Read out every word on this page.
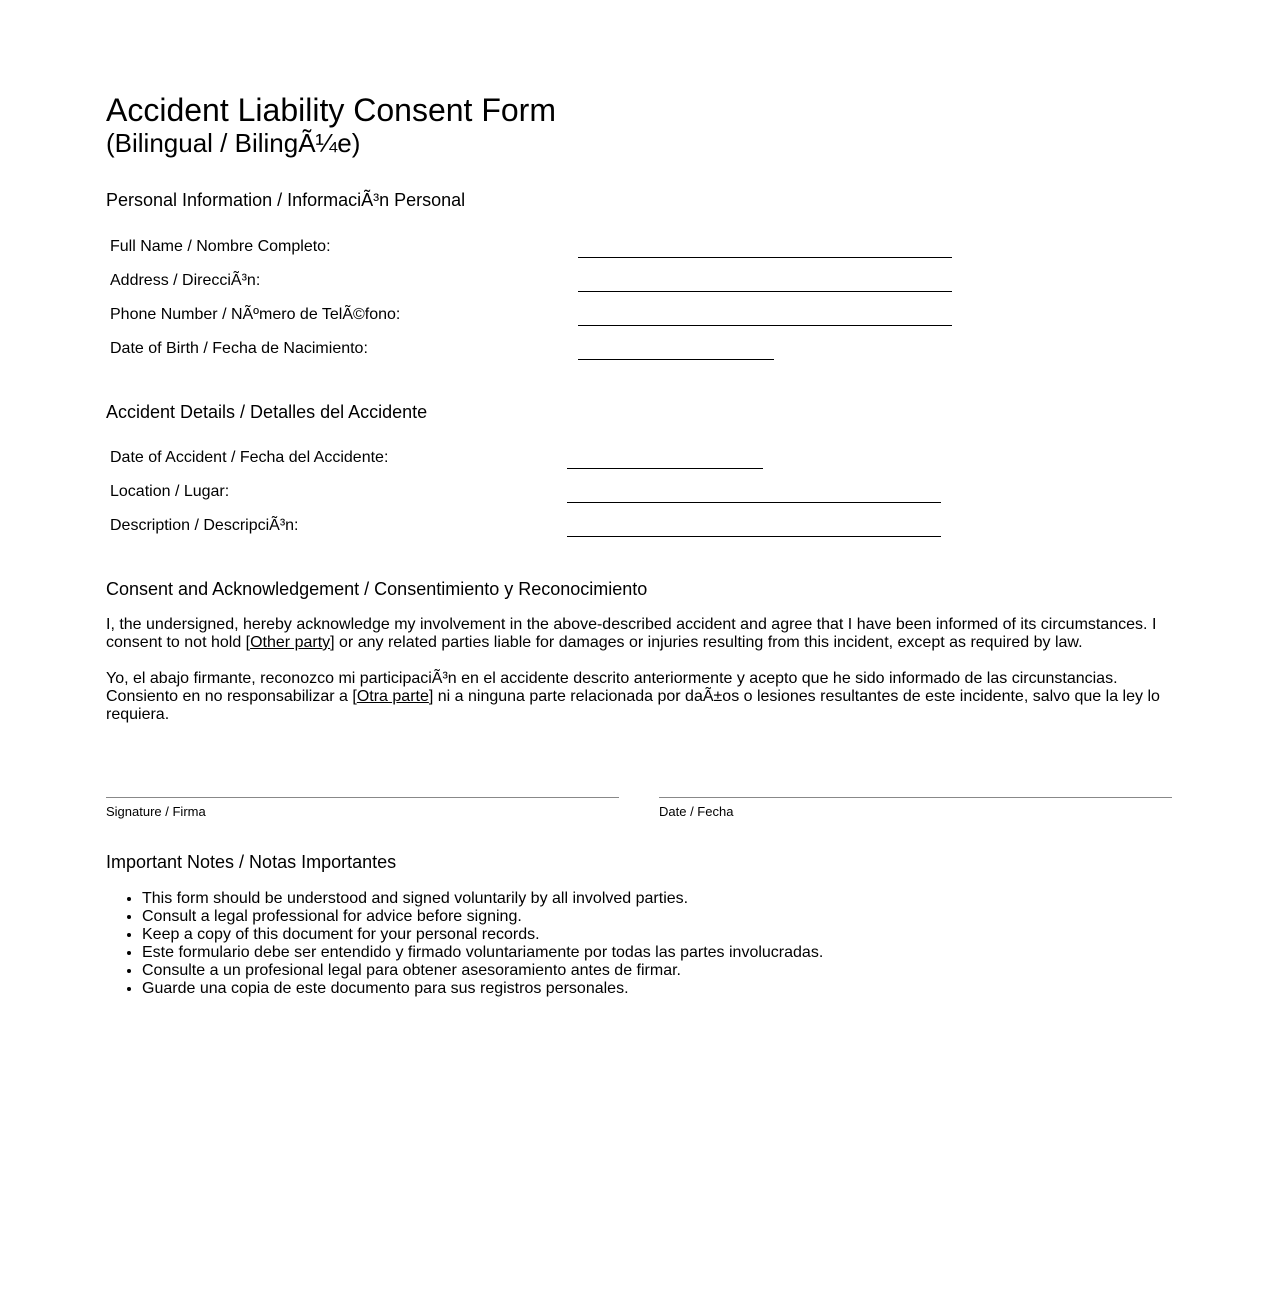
Accident Liability Consent Form
(Bilingual / BilingÃ¼e)
Personal Information / InformaciÃ³n Personal
Full Name / Nombre Completo:	

Address / DirecciÃ³n:	

Phone Number / NÃºmero de TelÃ©fono:	

Date of Birth / Fecha de Nacimiento:	
Accident Details / Detalles del Accidente
Date of Accident / Fecha del Accidente:	

Location / Lugar:	

Description / DescripciÃ³n:	
Consent and Acknowledgement / Consentimiento y Reconocimiento

I, the undersigned, hereby acknowledge my involvement in the above-described accident and agree that I have been informed of its circumstances. I consent to not hold [Other party] or any related parties liable for damages or injuries resulting from this incident, except as required by law.

Yo, el abajo firmante, reconozco mi participaciÃ³n en el accidente descrito anteriormente y acepto que he sido informado de las circunstancias. Consiento en no responsabilizar a [Otra parte] ni a ninguna parte relacionada por daÃ±os o lesiones resultantes de este incidente, salvo que la ley lo requiera.

Signature / Firma	Date / Fecha
Important Notes / Notas Importantes
• This form should be understood and signed voluntarily by all involved parties.
• Consult a legal professional for advice before signing.
• Keep a copy of this document for your personal records.
• Este formulario debe ser entendido y firmado voluntariamente por todas las partes involucradas.
• Consulte a un profesional legal para obtener asesoramiento antes de firmar.
• Guarde una copia de este documento para sus registros personales.
